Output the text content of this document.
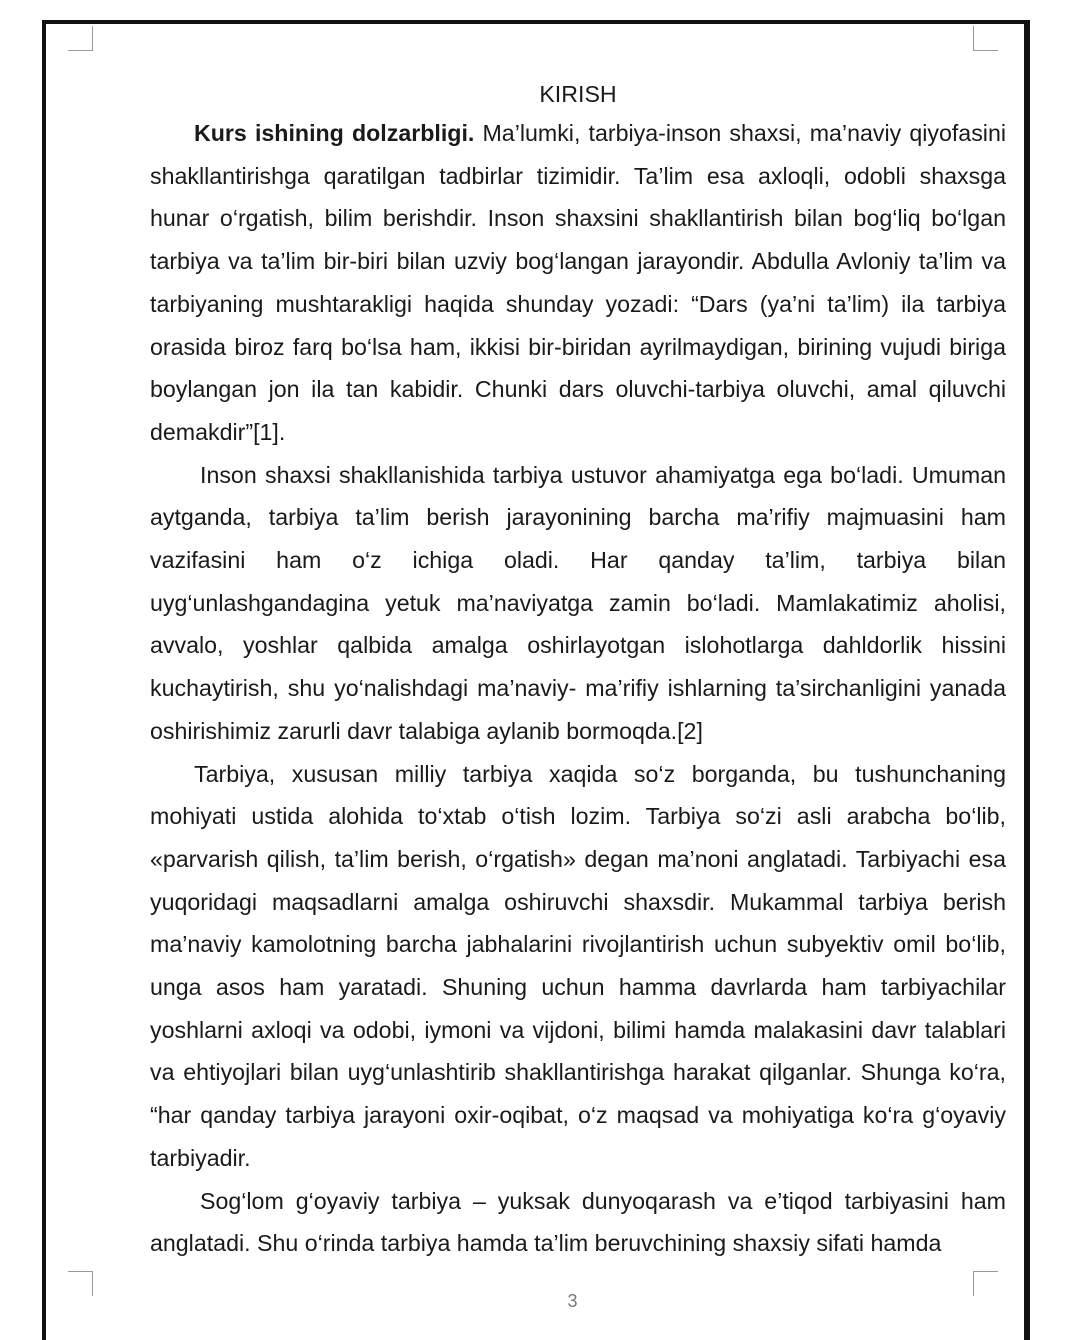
KIRISH

Kurs ishining dolzarbligi. Ma’lumki, tarbiya-inson shaxsi, ma’naviy qiyofasini shakllantirishga qaratilgan tadbirlar tizimidir. Ta’lim esa axloqli, odobli shaxsga hunar o‘rgatish, bilim berishdir. Inson shaxsini shakllantirish bilan bog‘liq bo‘lgan tarbiya va ta’lim bir-biri bilan uzviy bog‘langan jarayondir. Abdulla Avloniy ta’lim va tarbiyaning mushtarakligi haqida shunday yozadi: “Dars (ya’ni ta’lim) ila tarbiya orasida biroz farq bo‘lsa ham, ikkisi bir-biridan ayrilmaydigan, birining vujudi biriga boylangan jon ila tan kabidir. Chunki dars oluvchi-tarbiya oluvchi, amal qiluvchi demakdir”[1].

Inson shaxsi shakllanishida tarbiya ustuvor ahamiyatga ega bo‘ladi. Umuman aytganda, tarbiya ta’lim berish jarayonining barcha ma’rifiy majmuasini ham vazifasini ham o‘z ichiga oladi. Har qanday ta’lim, tarbiya bilan uyg‘unlashgandagina yetuk ma’naviyatga zamin bo‘ladi. Mamlakatimiz aholisi, avvalo, yoshlar qalbida amalga oshirlayotgan islohotlarga dahldorlik hissini kuchaytirish, shu yo‘nalishdagi ma’naviy- ma’rifiy ishlarning ta’sirchanligini yanada oshirishimiz zarurli davr talabiga aylanib bormoqda.[2]

Tarbiya, xususan milliy tarbiya xaqida so‘z borganda, bu tushunchaning mohiyati ustida alohida to‘xtab o‘tish lozim. Tarbiya so‘zi asli arabcha bo‘lib, «parvarish qilish, ta’lim berish, o‘rgatish» degan ma’noni anglatadi. Tarbiyachi esa yuqoridagi maqsadlarni amalga oshiruvchi shaxsdir. Mukammal tarbiya berish ma’naviy kamolotning barcha jabhalarini rivojlantirish uchun subyektiv omil bo‘lib, unga asos ham yaratadi. Shuning uchun hamma davrlarda ham tarbiyachilar yoshlarni axloqi va odobi, iymoni va vijdoni, bilimi hamda malakasini davr talablari va ehtiyojlari bilan uyg‘unlashtirib shakllantirishga harakat qilganlar. Shunga ko‘ra, “har qanday tarbiya jarayoni oxir-oqibat, o‘z maqsad va mohiyatiga ko‘ra g‘oyaviy tarbiyadir.

Sog‘lom g‘oyaviy tarbiya – yuksak dunyoqarash va e’tiqod tarbiyasini ham anglatadi. Shu o‘rinda tarbiya hamda ta’lim beruvchining shaxsiy sifati hamda

3
